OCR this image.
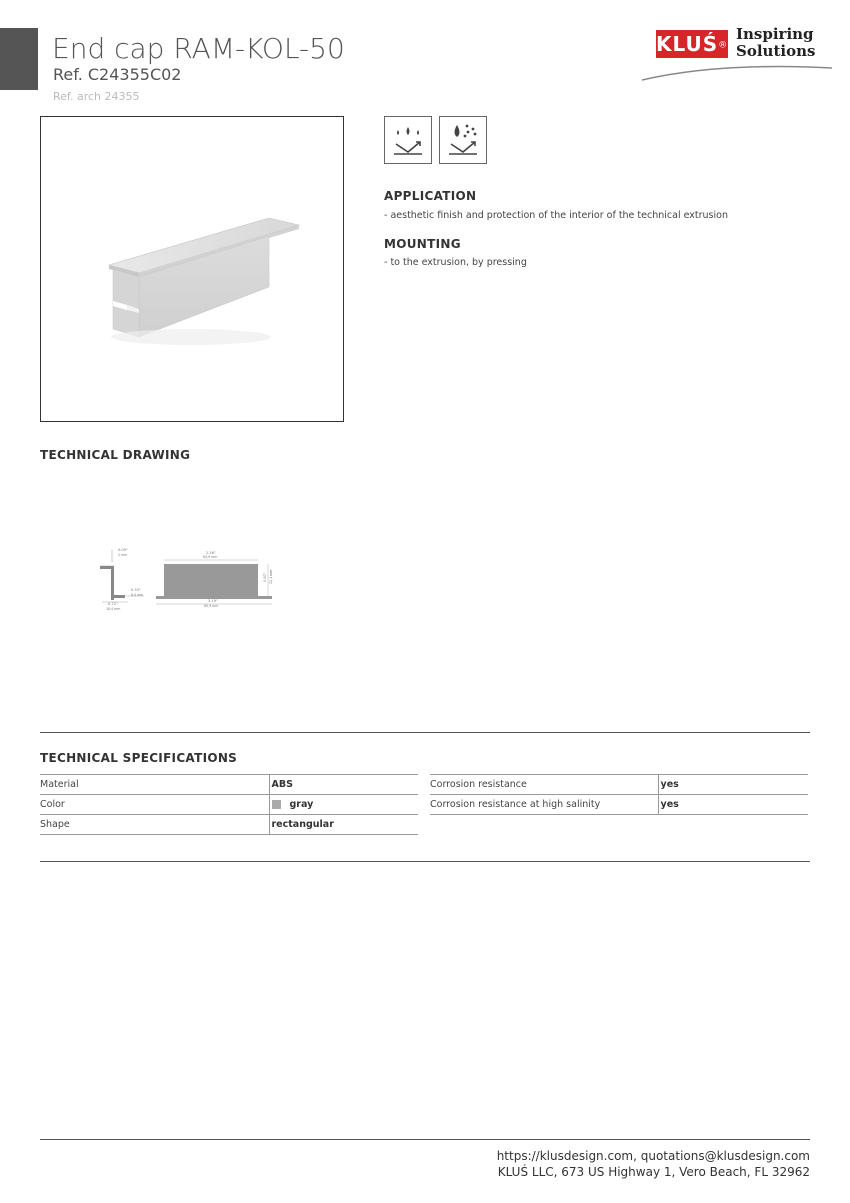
End cap RAM-KOL-50
Ref. C24355C02
Ref. arch 24355
KLUŚ®
Inspiring
Solutions
APPLICATION
- aesthetic finish and protection of the interior of the technical extrusion
MOUNTING
- to the extrusion, by pressing
TECHNICAL DRAWING
0.09"
2 mm
0.33"
8,4 mm
0.72"
18,4 mm
2.56"
64,9 mm
0.87" 22,1 mm
3.19"
80,9 mm
TECHNICAL SPECIFICATIONS
Material	ABS
Color	gray
Shape	rectangular
Corrosion resistance	yes
Corrosion resistance at high salinity	yes
https://klusdesign.com, quotations@klusdesign.com
KLUŚ LLC, 673 US Highway 1, Vero Beach, FL 32962
